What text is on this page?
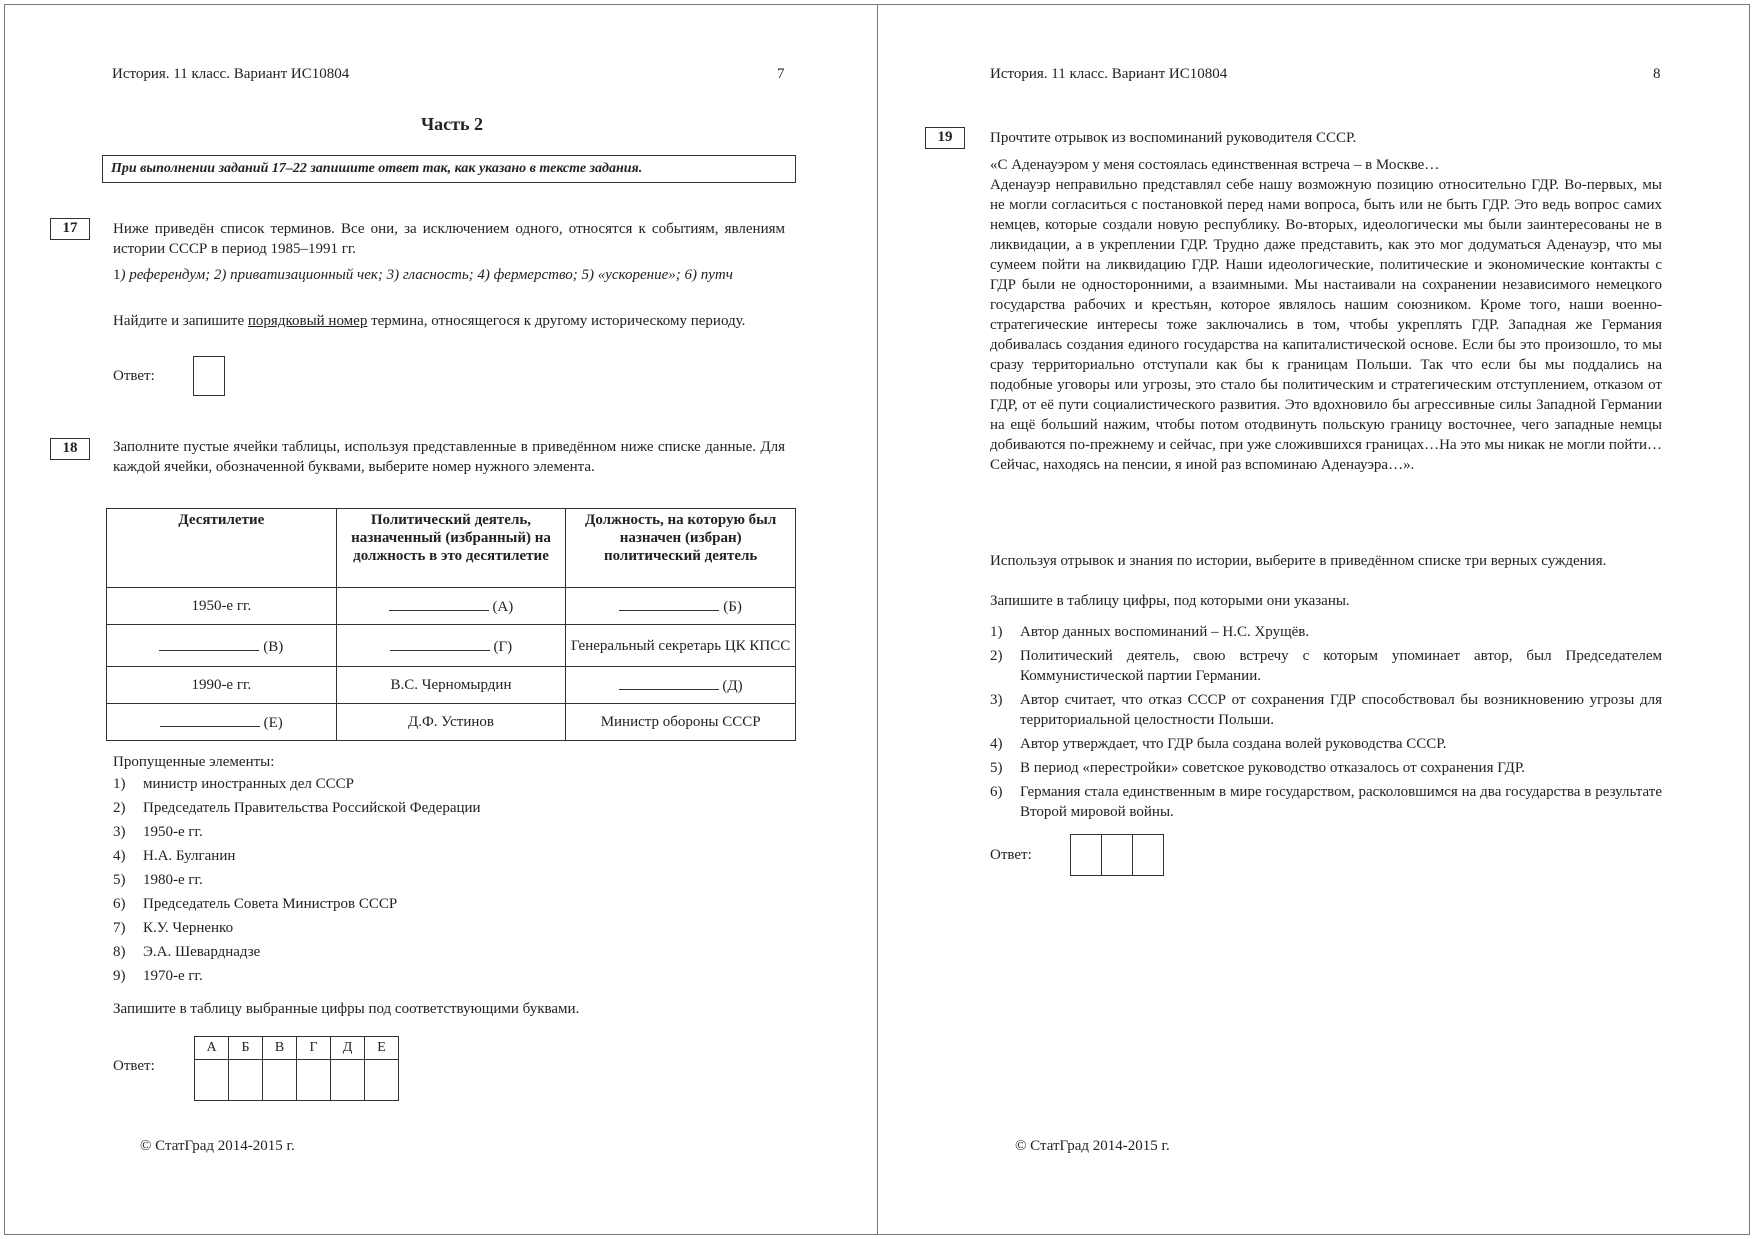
История. 11 класс. Вариант ИС10804	7
Часть 2
При выполнении заданий 17–22 запишите ответ так, как указано в тексте задания.
17	Ниже приведён список терминов. Все они, за исключением одного, относятся к событиям, явлениям истории СССР в период 1985–1991 гг.
1) референдум; 2) приватизационный чек; 3) гласность; 4) фермерство; 5) «ускорение»; 6) путч
Найдите и запишите порядковый номер термина, относящегося к другому историческому периоду.
Ответ:
18	Заполните пустые ячейки таблицы, используя представленные в приведённом ниже списке данные. Для каждой ячейки, обозначенной буквами, выберите номер нужного элемента.
Десятилетие	Политический деятель, назначенный (избранный) на должность в это десятилетие	Должность, на которую был назначен (избран) политический деятель
1950-е гг.	(А)	(Б)
(В)	(Г)	Генеральный секретарь ЦК КПСС
1990-е гг.	В.С. Черномырдин	(Д)
(Е)	Д.Ф. Устинов	Министр обороны СССР
Пропущенные элементы:
1)	министр иностранных дел СССР
2)	Председатель Правительства Российской Федерации
3)	1950-е гг.
4)	Н.А. Булганин
5)	1980-е гг.
6)	Председатель Совета Министров СССР
7)	К.У. Черненко
8)	Э.А. Шеварднадзе
9)	1970-е гг.
Запишите в таблицу выбранные цифры под соответствующими буквами.
Ответ:
А	Б	В	Г	Д	Е

© СтатГрад 2014-2015 г.
История. 11 класс. Вариант ИС10804	8
19	Прочтите отрывок из воспоминаний руководителя СССР.
«С Аденауэром у меня состоялась единственная встреча – в Москве…
Аденауэр неправильно представлял себе нашу возможную позицию относительно ГДР. Во-первых, мы не могли согласиться с постановкой перед нами вопроса, быть или не быть ГДР. Это ведь вопрос самих немцев, которые создали новую республику. Во-вторых, идеологически мы были заинтересованы не в ликвидации, а в укреплении ГДР. Трудно даже представить, как это мог додуматься Аденауэр, что мы сумеем пойти на ликвидацию ГДР. Наши идеологические, политические и экономические контакты с ГДР были не односторонними, а взаимными. Мы настаивали на сохранении независимого немецкого государства рабочих и крестьян, которое являлось нашим союзником. Кроме того, наши военно-стратегические интересы тоже заключались в том, чтобы укреплять ГДР. Западная же Германия добивалась создания единого государства на капиталистической основе. Если бы это произошло, то мы сразу территориально отступали как бы к границам Польши. Так что если бы мы поддались на подобные уговоры или угрозы, это стало бы политическим и стратегическим отступлением, отказом от ГДР, от её пути социалистического развития. Это вдохновило бы агрессивные силы Западной Германии на ещё больший нажим, чтобы потом отодвинуть польскую границу восточнее, чего западные немцы добиваются по-прежнему и сейчас, при уже сложившихся границах…На это мы никак не могли пойти… Сейчас, находясь на пенсии, я иной раз вспоминаю Аденауэра…».
Используя отрывок и знания по истории, выберите в приведённом списке три верных суждения.
Запишите в таблицу цифры, под которыми они указаны.
1)	Автор данных воспоминаний – Н.С. Хрущёв.
2)	Политический деятель, свою встречу с которым упоминает автор, был Председателем Коммунистической партии Германии.
3)	Автор считает, что отказ СССР от сохранения ГДР способствовал бы возникновению угрозы для территориальной целостности Польши.
4)	Автор утверждает, что ГДР была создана волей руководства СССР.
5)	В период «перестройки» советское руководство отказалось от сохранения ГДР.
6)	Германия стала единственным в мире государством, расколовшимся на два государства в результате Второй мировой войны.
Ответ:

© СтатГрад 2014-2015 г.
